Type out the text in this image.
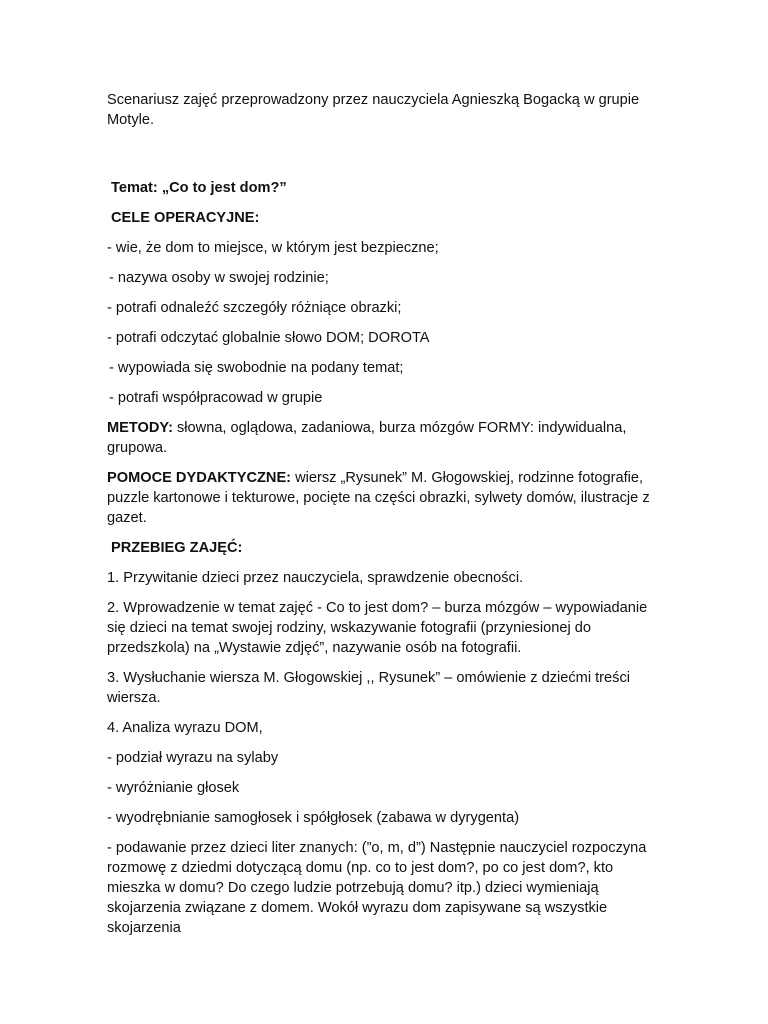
Scenariusz zajęć przeprowadzony przez nauczyciela Agnieszką Bogacką w grupie Motyle.

Temat: „Co to jest dom?”

CELE OPERACYJNE:

- wie, że dom to miejsce, w którym jest bezpieczne;

- nazywa osoby w swojej rodzinie;

- potrafi odnaleźć szczegóły różniące obrazki;

- potrafi odczytać globalnie słowo DOM; DOROTA

- wypowiada się swobodnie na podany temat;

- potrafi współpracowad w grupie

METODY: słowna, oglądowa, zadaniowa, burza mózgów FORMY: indywidualna, grupowa.

POMOCE DYDAKTYCZNE: wiersz „Rysunek” M. Głogowskiej, rodzinne fotografie, puzzle kartonowe i tekturowe, pocięte na części obrazki, sylwety domów, ilustracje z gazet.

PRZEBIEG ZAJĘĆ:

1. Przywitanie dzieci przez nauczyciela, sprawdzenie obecności.

2. Wprowadzenie w temat zajęć - Co to jest dom? – burza mózgów – wypowiadanie się dzieci na temat swojej rodziny, wskazywanie fotografii (przyniesionej do przedszkola) na „Wystawie zdjęć”, nazywanie osób na fotografii.

3. Wysłuchanie wiersza M. Głogowskiej ,, Rysunek” – omówienie z dziećmi treści wiersza.

4. Analiza wyrazu DOM,

- podział wyrazu na sylaby

- wyróżnianie głosek

- wyodrębnianie samogłosek i spółgłosek (zabawa w dyrygenta)

- podawanie przez dzieci liter znanych: (”o, m, d”) Następnie nauczyciel rozpoczyna rozmowę z dziedmi dotyczącą domu (np. co to jest dom?, po co jest dom?, kto mieszka w domu? Do czego ludzie potrzebują domu? itp.) dzieci wymieniają skojarzenia związane z domem. Wokół wyrazu dom zapisywane są wszystkie skojarzenia
